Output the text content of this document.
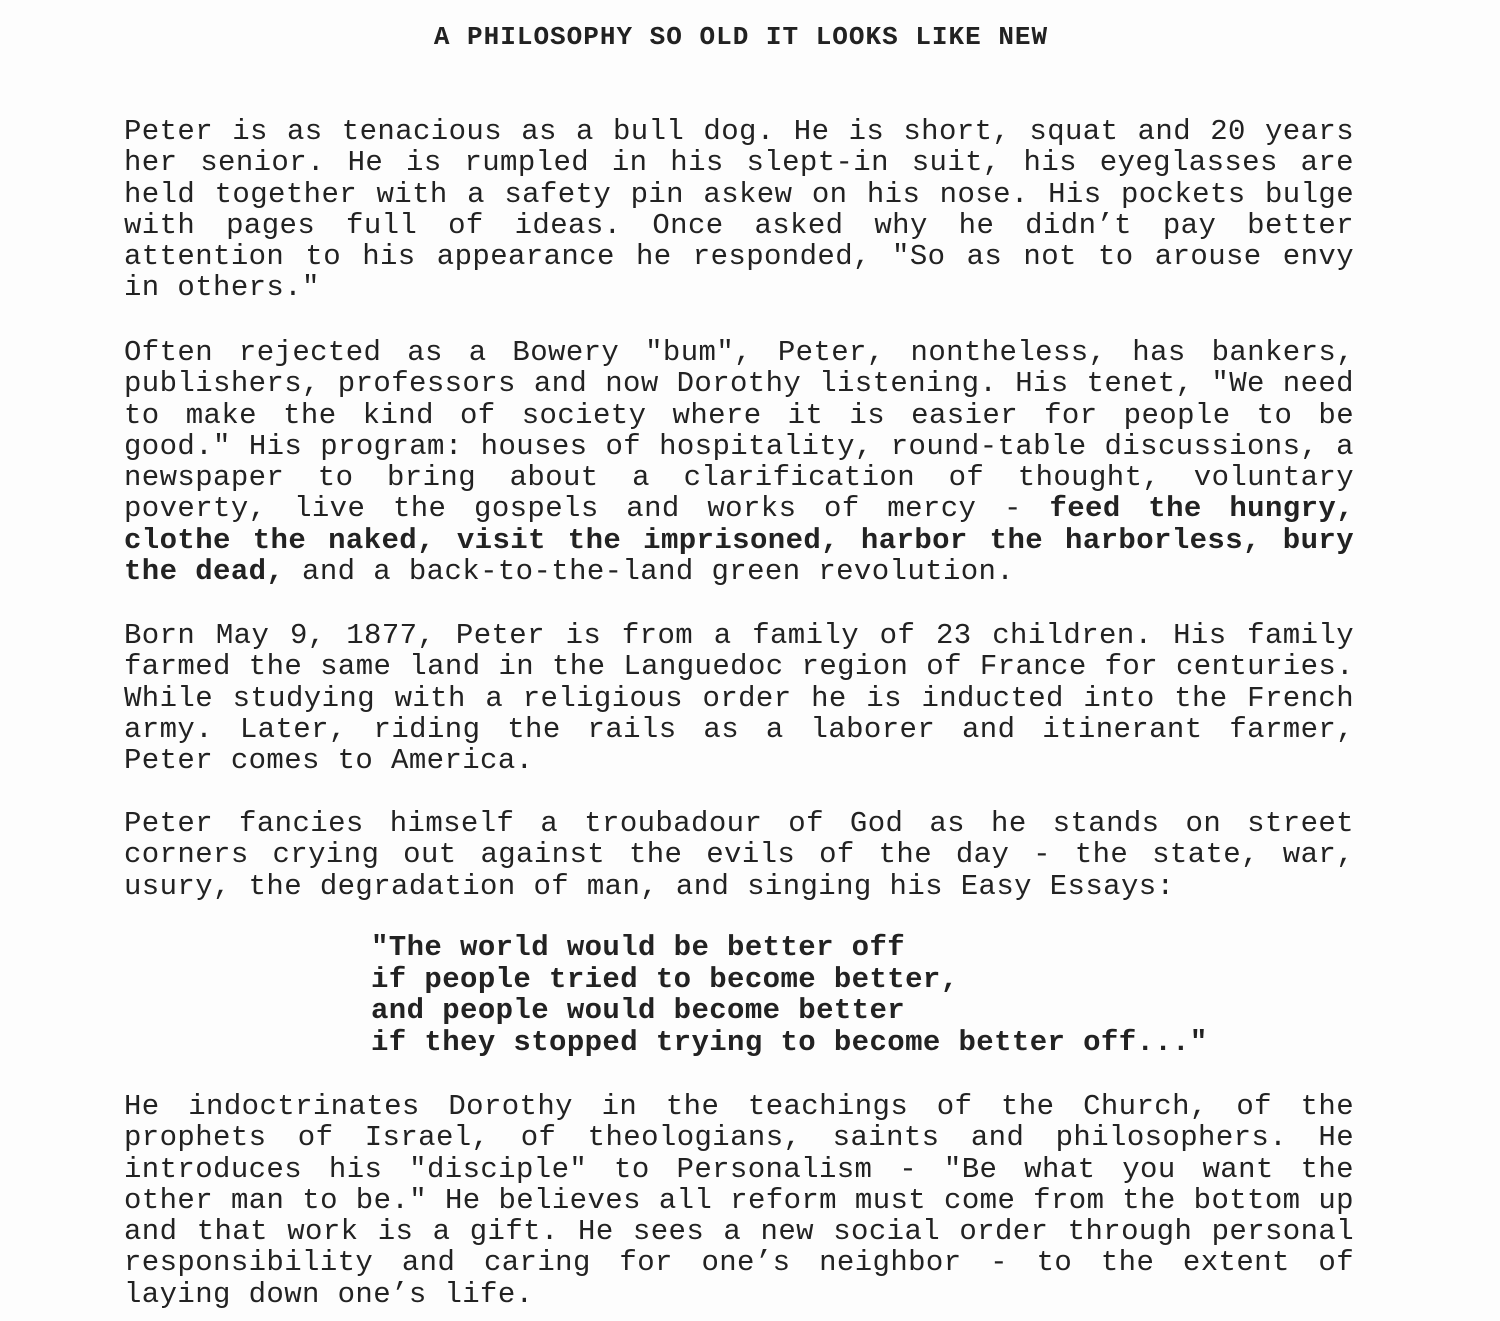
A PHILOSOPHY SO OLD IT LOOKS LIKE NEW

Peter is as tenacious as a bull dog. He is short, squat and 20 years her senior. He is rumpled in his slept-in suit, his eyeglasses are held together with a safety pin askew on his nose. His pockets bulge with pages full of ideas. Once asked why he didn’t pay better attention to his appearance he responded, "So as not to arouse envy in others."

Often rejected as a Bowery "bum", Peter, nontheless, has bankers, publishers, professors and now Dorothy listening. His tenet, "We need to make the kind of society where it is easier for people to be good." His program: houses of hospitality, round-table discussions, a newspaper to bring about a clarification of thought, voluntary poverty, live the gospels and works of mercy - feed the hungry, clothe the naked, visit the imprisoned, harbor the harborless, bury the dead, and a back-to-the-land green revolution.

Born May 9, 1877, Peter is from a family of 23 children. His family farmed the same land in the Languedoc region of France for centuries. While studying with a religious order he is inducted into the French army. Later, riding the rails as a laborer and itinerant farmer, Peter comes to America.

Peter fancies himself a troubadour of God as he stands on street corners crying out against the evils of the day - the state, war, usury, the degradation of man, and singing his Easy Essays:

"The world would be better off
if people tried to become better,
and people would become better
if they stopped trying to become better off..."

He indoctrinates Dorothy in the teachings of the Church, of the prophets of Israel, of theologians, saints and philosophers. He introduces his "disciple" to Personalism - "Be what you want the other man to be." He believes all reform must come from the bottom up and that work is a gift. He sees a new social order through personal responsibility and caring for one’s neighbor - to the extent of laying down one’s life.
